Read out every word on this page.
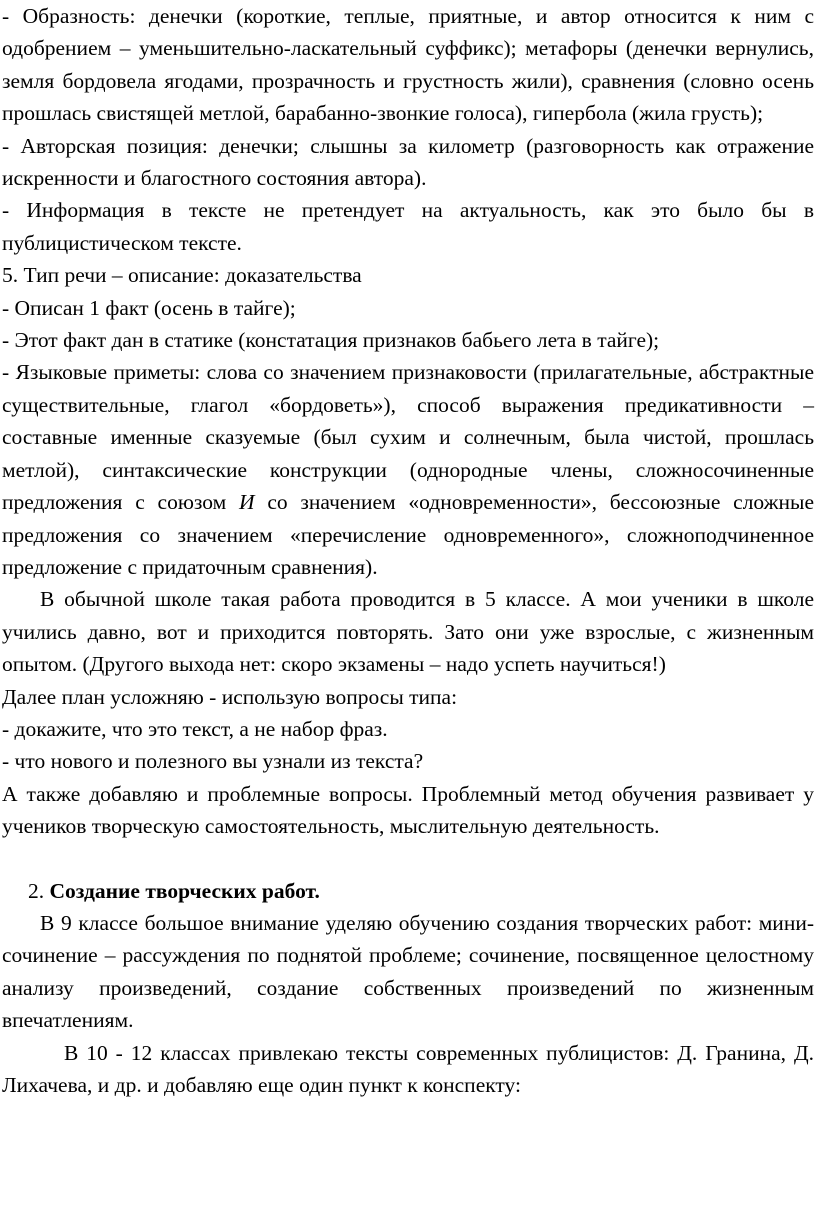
- Образность: денечки (короткие, теплые, приятные, и автор относится к ним с одобрением – уменьшительно-ласкательный суффикс); метафоры (денечки вернулись, земля бордовела ягодами, прозрачность и грустность жили), сравнения (словно осень прошлась свистящей метлой, барабанно-звонкие голоса), гипербола (жила грусть);

- Авторская позиция: денечки; слышны за километр (разговорность как отражение искренности и благостного состояния автора).

- Информация в тексте не претендует на актуальность, как это было бы в публицистическом тексте.

5. Тип речи – описание: доказательства

- Описан 1 факт (осень в тайге);

- Этот факт дан в статике (констатация признаков бабьего лета в тайге);

- Языковые приметы: слова со значением признаковости (прилагательные, абстрактные существительные, глагол «бордоветь»), способ выражения предикативности – составные именные сказуемые (был сухим и солнечным, была чистой, прошлась метлой), синтаксические конструкции (однородные члены, сложносочиненные предложения с союзом И со значением «одновременности», бессоюзные сложные предложения со значением «перечисление одновременного», сложноподчиненное предложение с придаточным сравнения).

В обычной школе такая работа проводится в 5 классе. А мои ученики в школе учились давно, вот и приходится повторять. Зато они уже взрослые, с жизненным опытом. (Другого выхода нет: скоро экзамены – надо успеть научиться!)

Далее план усложняю - использую вопросы типа:

- докажите, что это текст, а не набор фраз.

- что нового и полезного вы узнали из текста?

А также добавляю и проблемные вопросы. Проблемный метод обучения развивает у учеников творческую самостоятельность, мыслительную деятельность.

2. Создание творческих работ.

В 9 классе большое внимание уделяю обучению создания творческих работ: мини-сочинение – рассуждения по поднятой проблеме; сочинение, посвященное целостному анализу произведений, создание собственных произведений по жизненным впечатлениям.

В 10 - 12 классах привлекаю тексты современных публицистов: Д. Гранина, Д. Лихачева, и др. и добавляю еще один пункт к конспекту:
